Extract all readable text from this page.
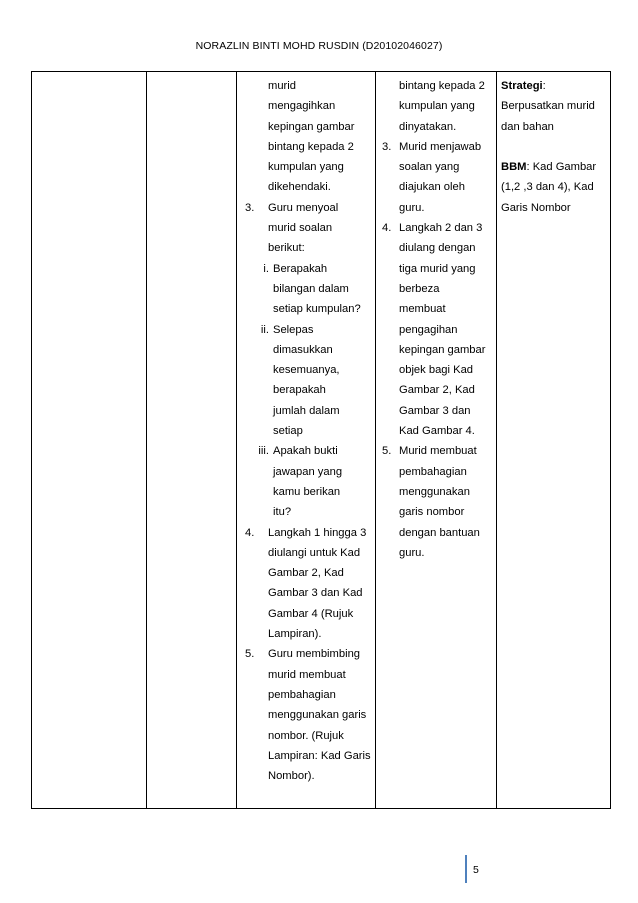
NORAZLIN BINTI MOHD RUSDIN (D20102046027)

murid
mengagihkan
kepingan gambar
bintang kepada 2
kumpulan yang
dikehendaki.
3.	Guru menyoal
murid soalan
berikut:
i. Berapakah
bilangan dalam
setiap kumpulan?
ii. Selepas
dimasukkan
kesemuanya,
berapakah
jumlah dalam
setiap
iii. Apakah bukti
jawapan yang
kamu berikan
itu?
4.	Langkah 1 hingga 3
diulangi untuk Kad
Gambar 2, Kad
Gambar 3 dan Kad
Gambar 4 (Rujuk
Lampiran).
5.	Guru membimbing
murid membuat
pembahagian
menggunakan garis
nombor. (Rujuk
Lampiran: Kad Garis
Nombor).

bintang kepada 2
kumpulan yang
dinyatakan.
3. Murid menjawab
soalan yang
diajukan oleh
guru.
4. Langkah 2 dan 3
diulang dengan
tiga murid yang
berbeza
membuat
pengagihan
kepingan gambar
objek bagi Kad
Gambar 2, Kad
Gambar 3 dan
Kad Gambar 4.
5. Murid membuat
pembahagian
menggunakan
garis nombor
dengan bantuan
guru.

Strategi:
Berpusatkan murid
dan bahan
BBM: Kad Gambar
(1,2 ,3 dan 4), Kad
Garis Nombor
5
